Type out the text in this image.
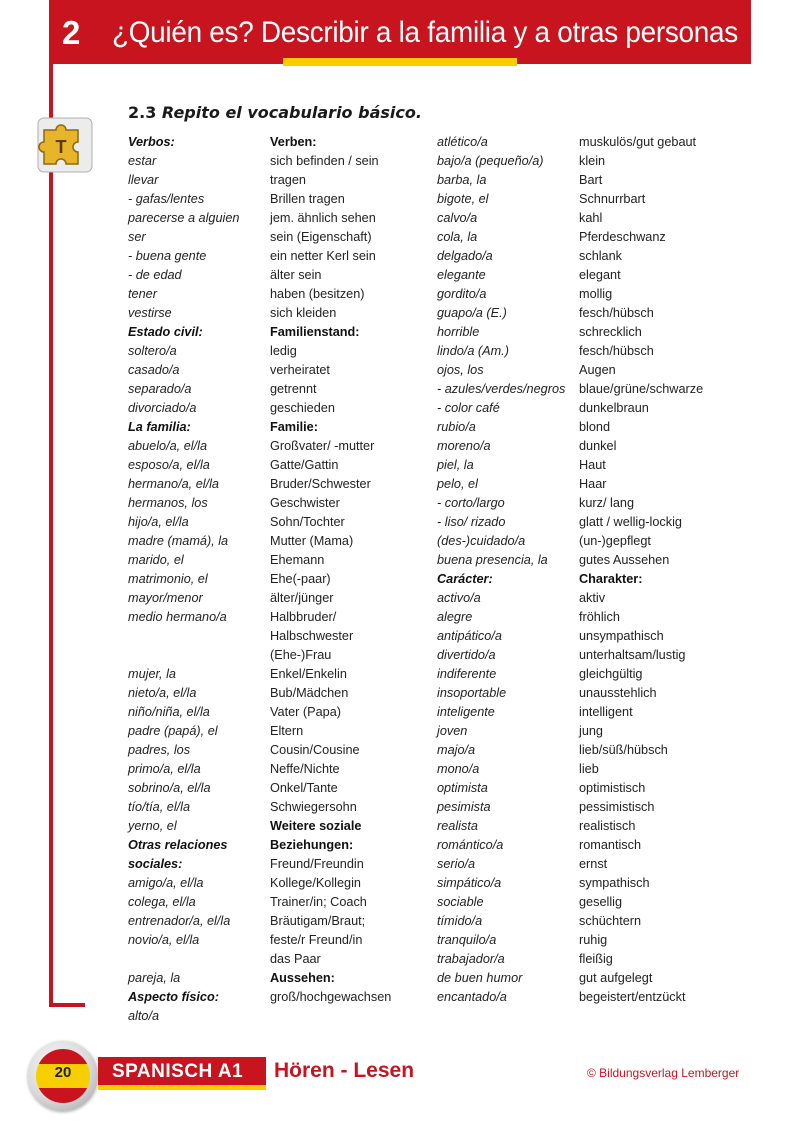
2 ¿Quién es? Describir a la familia y a otras personas
T
2.3 Repito el vocabulario básico.
Verbos:
estar
llevar
- gafas/lentes
parecerse a alguien
ser
- buena gente
- de edad
tener
vestirse
Estado civil:
soltero/a
casado/a
separado/a
divorciado/a
La familia:
abuelo/a, el/la
esposo/a, el/la
hermano/a, el/la
hermanos, los
hijo/a, el/la
madre (mamá), la
marido, el
matrimonio, el
mayor/menor
medio hermano/a
mujer, la
nieto/a, el/la
niño/niña, el/la
padre (papá), el
padres, los
primo/a, el/la
sobrino/a, el/la
tío/tía, el/la
yerno, el
Otras relaciones
sociales:
amigo/a, el/la
colega, el/la
entrenador/a, el/la
novio/a, el/la
pareja, la
Aspecto físico:
alto/a
Verben:
sich befinden / sein
tragen
Brillen tragen
jem. ähnlich sehen
sein (Eigenschaft)
ein netter Kerl sein
älter sein
haben (besitzen)
sich kleiden
Familienstand:
ledig
verheiratet
getrennt
geschieden
Familie:
Großvater/ -mutter
Gatte/Gattin
Bruder/Schwester
Geschwister
Sohn/Tochter
Mutter (Mama)
Ehemann
Ehe(-paar)
älter/jünger
Halbbruder/
Halbschwester
(Ehe-)Frau
Enkel/Enkelin
Bub/Mädchen
Vater (Papa)
Eltern
Cousin/Cousine
Neffe/Nichte
Onkel/Tante
Schwiegersohn
Weitere soziale
Beziehungen:
Freund/Freundin
Kollege/Kollegin
Trainer/in; Coach
Bräutigam/Braut;
feste/r Freund/in
das Paar
Aussehen:
groß/hochgewachsen
atlético/a
bajo/a (pequeño/a)
barba, la
bigote, el
calvo/a
cola, la
delgado/a
elegante
gordito/a
guapo/a (E.)
horrible
lindo/a (Am.)
ojos, los
- azules/verdes/negros
- color café
rubio/a
moreno/a
piel, la
pelo, el
- corto/largo
- liso/ rizado
(des-)cuidado/a
buena presencia, la
Carácter:
activo/a
alegre
antipático/a
divertido/a
indiferente
insoportable
inteligente
joven
majo/a
mono/a
optimista
pesimista
realista
romántico/a
serio/a
simpático/a
sociable
tímido/a
tranquilo/a
trabajador/a
de buen humor
encantado/a
muskulös/gut gebaut
klein
Bart
Schnurrbart
kahl
Pferdeschwanz
schlank
elegant
mollig
fesch/hübsch
schrecklich
fesch/hübsch
Augen
blaue/grüne/schwarze
dunkelbraun
blond
dunkel
Haut
Haar
kurz/ lang
glatt / wellig-lockig
(un-)gepflegt
gutes Aussehen
Charakter:
aktiv
fröhlich
unsympathisch
unterhaltsam/lustig
gleichgültig
unausstehlich
intelligent
jung
lieb/süß/hübsch
lieb
optimistisch
pessimistisch
realistisch
romantisch
ernst
sympathisch
gesellig
schüchtern
ruhig
fleißig
gut aufgelegt
begeistert/entzückt
20	SPANISCH A1 Hören - Lesen	© Bildungsverlag Lemberger
